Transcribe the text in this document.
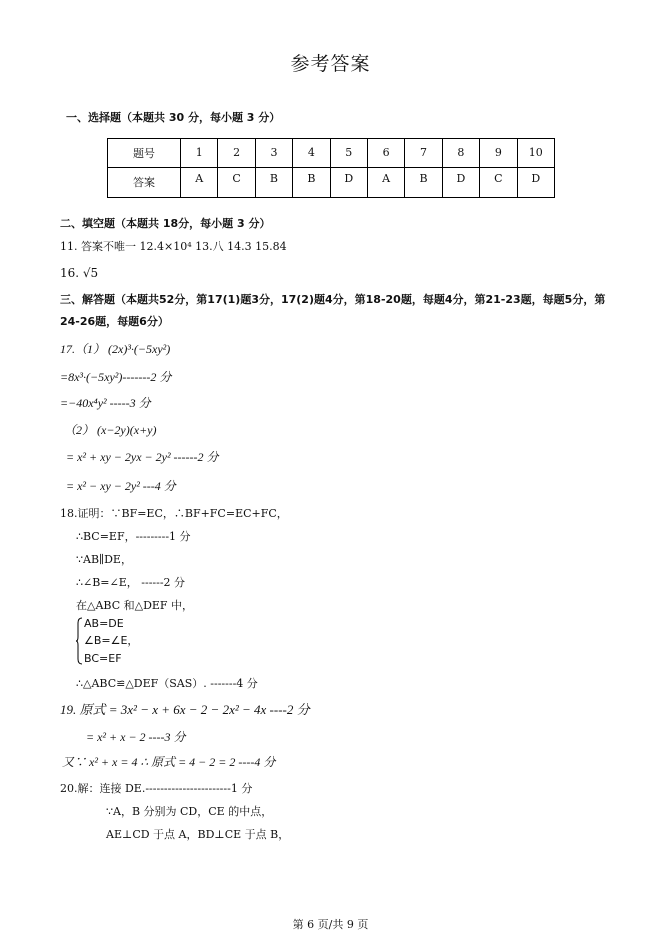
参考答案
一、选择题（本题共 30 分，每小题 3 分）
题号	1	2	3	4	5	6	7	8	9	10
答案	A	C	B	B	D	A	B	D	C	D
二、填空题（本题共 18分，每小题 3 分）
11. 答案不唯一 12.4×10⁴ 13.八 14.3 15.84
16. √5
三、解答题（本题共52分，第17(1)题3分，17(2)题4分，第18-20题，每题4分，第21-23题，每题5分，第
24-26题，每题6分）
17.（1） (2x)³·(−5xy²)
=8x³·(−5xy²)-------2 分
=−40x⁴y² -----3 分
（2） (x−2y)(x+y)
= x² + xy − 2yx − 2y² ------2 分
= x² − xy − 2y² ---4 分
18.证明：∵BF=EC，∴BF+FC=EC+FC，
∴BC=EF，---------1 分
∵AB∥DE，
∴∠B=∠E， ------2 分
在△ABC 和△DEF 中，
AB=DE
∠B=∠E，
BC=EF
∴△ABC≌△DEF（SAS）. -------4 分
19. 原式 = 3x² − x + 6x − 2 − 2x² − 4x ----2 分
= x² + x − 2 ----3 分
又∵ x² + x = 4 ∴ 原式 = 4 − 2 = 2 ----4 分
20.解：连接 DE.-----------------------1 分
∵A，B 分别为 CD，CE 的中点，
AE⊥CD 于点 A，BD⊥CE 于点 B，
第 6 页/共 9 页
